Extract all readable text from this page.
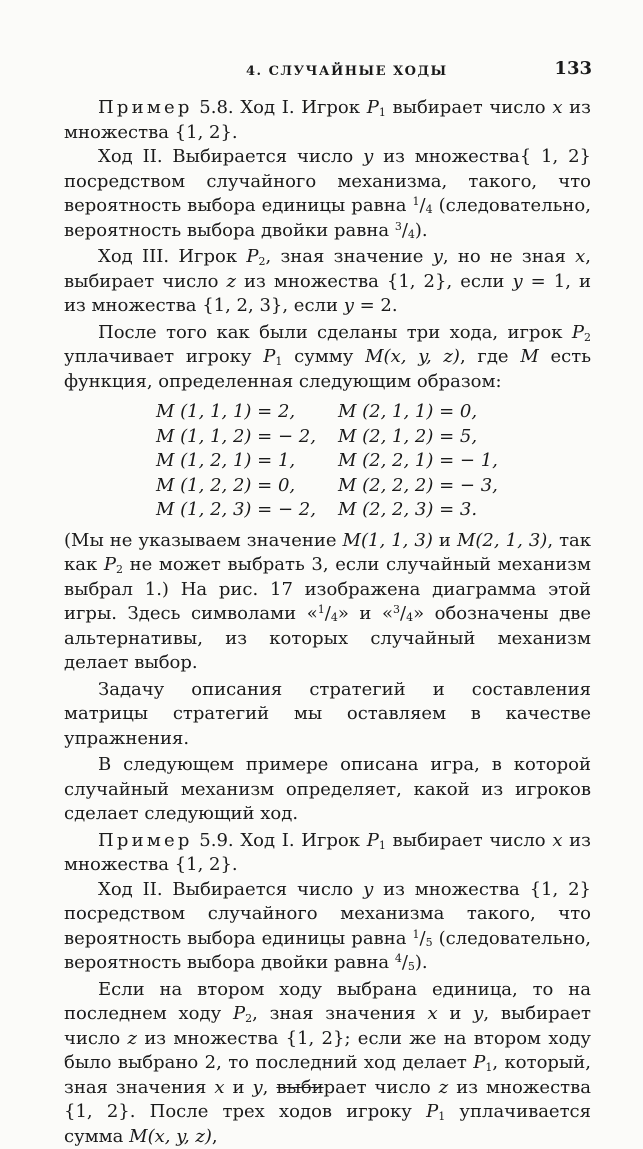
4. СЛУЧАЙНЫЕ ХОДЫ	133

Пример 5.8. Ход I. Игрок $P_1$ выбирает число x из множества {1, 2}.

Ход II. Выбирается число y из множества{ 1, 2} посредством случайного механизма, такого, что вероятность выбора единицы равна $^1/_4$ (следовательно, вероятность выбора двойки равна $^3/_4$).

Ход III. Игрок $P_2$, зная значение y, но не зная x, выбирает число z из множества {1, 2}, если y = 1, и из множества {1, 2, 3}, если y = 2.

После того как были сделаны три хода, игрок $P_2$ уплачивает игроку $P_1$ сумму M(x, y, z), где M есть функция, определенная следующим образом:

M (1, 1, 1) = 2,	M (2, 1, 1) = 0,
M (1, 1, 2) = − 2,	M (2, 1, 2) = 5,
M (1, 2, 1) = 1,	M (2, 2, 1) = − 1,
M (1, 2, 2) = 0,	M (2, 2, 2) = − 3,
M (1, 2, 3) = − 2,	M (2, 2, 3) = 3.

(Мы не указываем значение M(1, 1, 3) и M(2, 1, 3), так как $P_2$ не может выбрать 3, если случайный механизм выбрал 1.) На рис. 17 изображена диаграмма этой игры. Здесь символами «$^1/_4$» и «$^3/_4$» обозначены две альтернативы, из которых случайный механизм делает выбор.

Задачу описания стратегий и составления матрицы стратегий мы оставляем в качестве упражнения.

В следующем примере описана игра, в которой случайный механизм определяет, какой из игроков сделает следующий ход.

Пример 5.9. Ход I. Игрок $P_1$ выбирает число x из множества {1, 2}.

Ход II. Выбирается число y из множества {1, 2} посредством случайного механизма такого, что вероятность выбора единицы равна $^1/_5$ (следовательно, вероятность выбора двойки равна $^4/_5$).

Если на втором ходу выбрана единица, то на последнем ходу $P_2$, зная значения x и y, выбирает число z из множества {1, 2}; если же на втором ходу было выбрано 2, то последний ход делает $P_1$, который, зная значения x и y, выбирает число z из множества {1, 2}. После трех ходов игроку $P_1$ уплачивается сумма M(x, y, z),
